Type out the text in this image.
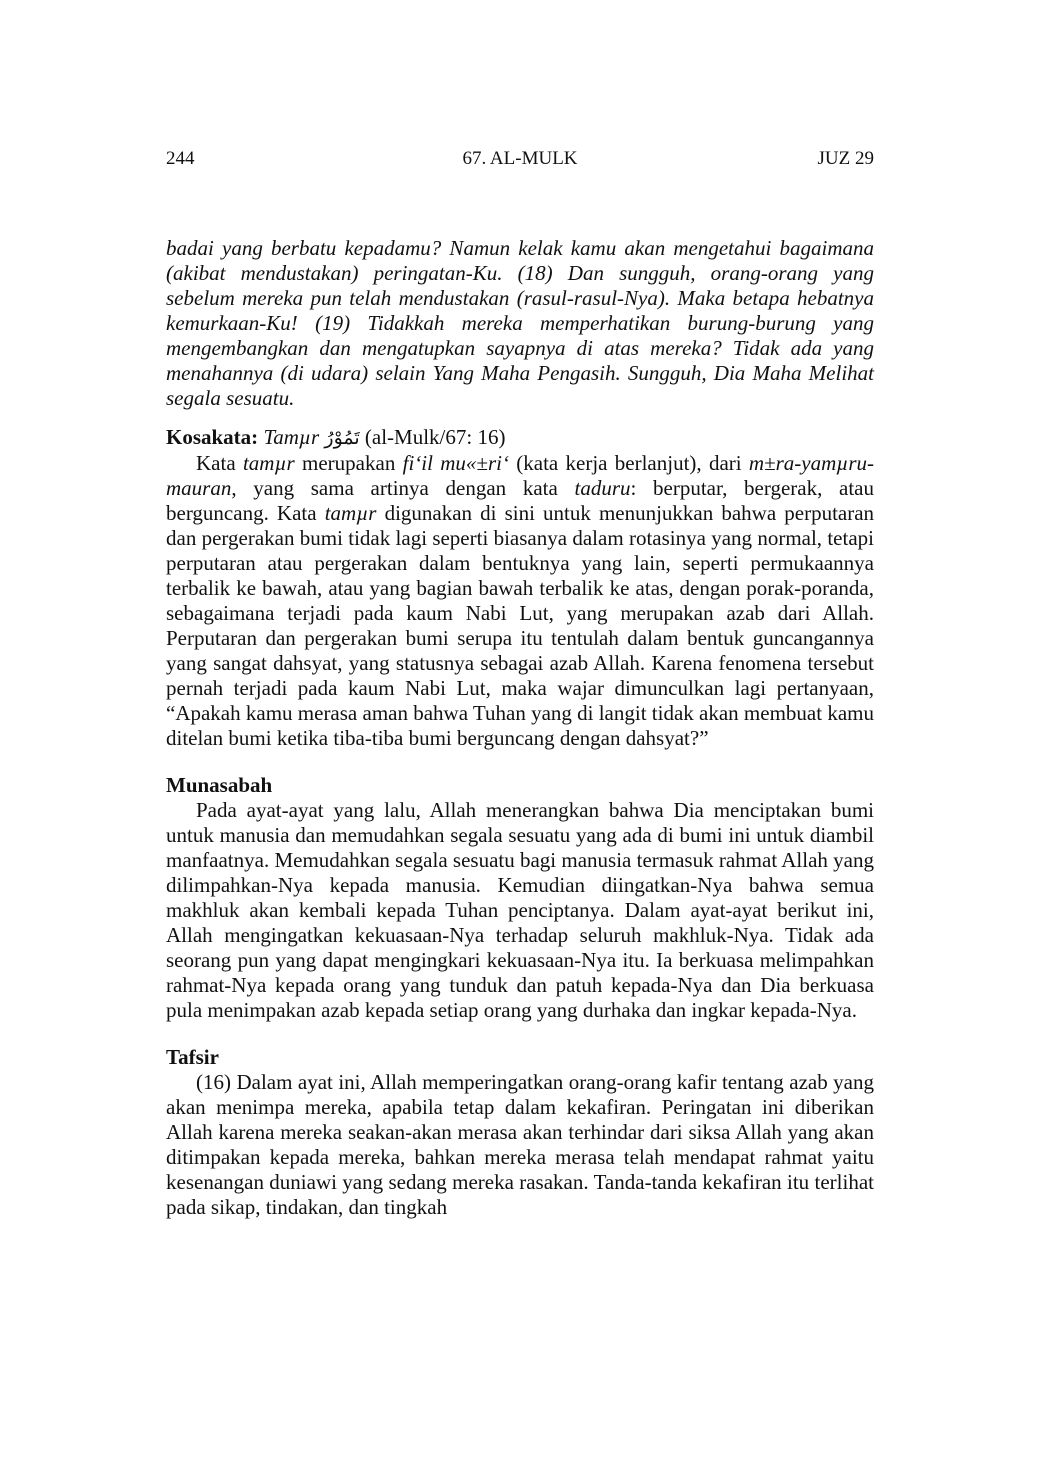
244	67. AL-MULK	JUZ 29

badai yang berbatu kepadamu? Namun kelak kamu akan mengetahui bagaimana (akibat mendustakan) peringatan-Ku. (18) Dan sungguh, orang-orang yang sebelum mereka pun telah mendustakan (rasul-rasul-Nya). Maka betapa hebatnya kemurkaan-Ku! (19) Tidakkah mereka memperhatikan burung-burung yang mengembangkan dan mengatupkan sayapnya di atas mereka? Tidak ada yang menahannya (di udara) selain Yang Maha Pengasih. Sungguh, Dia Maha Melihat segala sesuatu.

Kosakata: Tamµr تَمُوْرُ (al-Mulk/67: 16)

Kata tamµr merupakan fi‘il mu«±ri‘ (kata kerja berlanjut), dari m±ra-yamµru-mauran, yang sama artinya dengan kata taduru: berputar, bergerak, atau berguncang. Kata tamµr digunakan di sini untuk menunjukkan bahwa perputaran dan pergerakan bumi tidak lagi seperti biasanya dalam rotasinya yang normal, tetapi perputaran atau pergerakan dalam bentuknya yang lain, seperti permukaannya terbalik ke bawah, atau yang bagian bawah terbalik ke atas, dengan porak-poranda, sebagaimana terjadi pada kaum Nabi Lut, yang merupakan azab dari Allah. Perputaran dan pergerakan bumi serupa itu tentulah dalam bentuk guncangannya yang sangat dahsyat, yang statusnya sebagai azab Allah. Karena fenomena tersebut pernah terjadi pada kaum Nabi Lut, maka wajar dimunculkan lagi pertanyaan, “Apakah kamu merasa aman bahwa Tuhan yang di langit tidak akan membuat kamu ditelan bumi ketika tiba-tiba bumi berguncang dengan dahsyat?”

Munasabah

Pada ayat-ayat yang lalu, Allah menerangkan bahwa Dia menciptakan bumi untuk manusia dan memudahkan segala sesuatu yang ada di bumi ini untuk diambil manfaatnya. Memudahkan segala sesuatu bagi manusia termasuk rahmat Allah yang dilimpahkan-Nya kepada manusia. Kemudian diingatkan-Nya bahwa semua makhluk akan kembali kepada Tuhan penciptanya. Dalam ayat-ayat berikut ini, Allah mengingatkan kekuasaan-Nya terhadap seluruh makhluk-Nya. Tidak ada seorang pun yang dapat mengingkari kekuasaan-Nya itu. Ia berkuasa melimpahkan rahmat-Nya kepada orang yang tunduk dan patuh kepada-Nya dan Dia berkuasa pula menimpakan azab kepada setiap orang yang durhaka dan ingkar kepada-Nya.

Tafsir

(16) Dalam ayat ini, Allah memperingatkan orang-orang kafir tentang azab yang akan menimpa mereka, apabila tetap dalam kekafiran. Peringatan ini diberikan Allah karena mereka seakan-akan merasa akan terhindar dari siksa Allah yang akan ditimpakan kepada mereka, bahkan mereka merasa telah mendapat rahmat yaitu kesenangan duniawi yang sedang mereka rasakan. Tanda-tanda kekafiran itu terlihat pada sikap, tindakan, dan tingkah
